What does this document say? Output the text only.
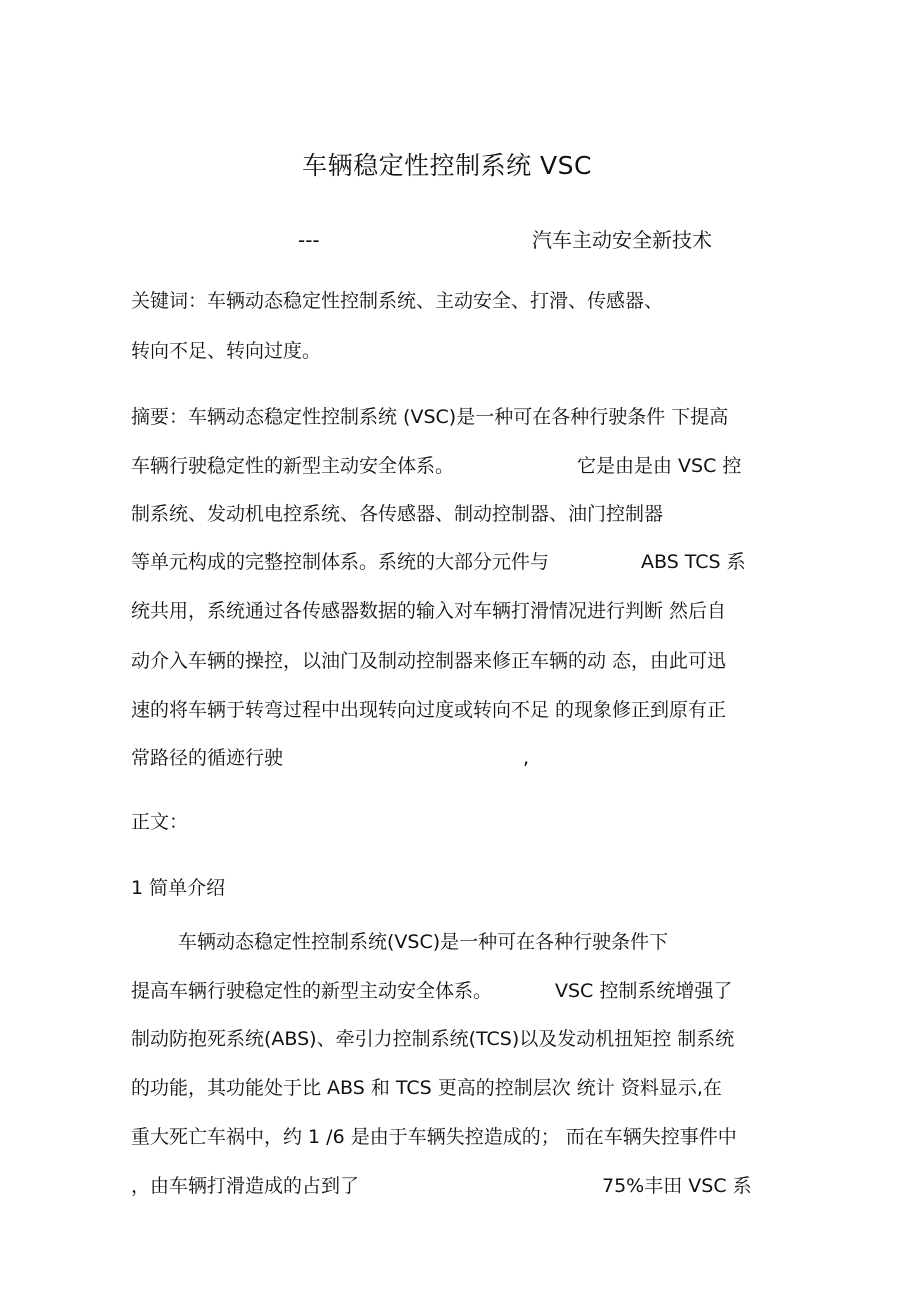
车辆稳定性控制系统 VSC
---	汽车主动安全新技术
关键词：车辆动态稳定性控制系统、主动安全、打滑、传感器、
转向不足、转向过度。
摘要：车辆动态稳定性控制系统 (VSC)是一种可在各种行驶条件 下提高
车辆行驶稳定性的新型主动安全体系。	它是由是由 VSC 控
制系统、发动机电控系统、各传感器、制动控制器、油门控制器
等单元构成的完整控制体系。系统的大部分元件与	ABS TCS 系
统共用，系统通过各传感器数据的输入对车辆打滑情况进行判断 然后自
动介入车辆的操控，以油门及制动控制器来修正车辆的动 态，由此可迅
速的将车辆于转弯过程中出现转向过度或转向不足 的现象修正到原有正
常路径的循迹行驶	,
正文：
1 简单介绍
车辆动态稳定性控制系统(VSC)是一种可在各种行驶条件下
提高车辆行驶稳定性的新型主动安全体系。	VSC 控制系统增强了
制动防抱死系统(ABS)、牵引力控制系统(TCS)以及发动机扭矩控 制系统
的功能，其功能处于比 ABS 和 TCS 更高的控制层次 统计 资料显示,在
重大死亡车祸中，约 1 /6 是由于车辆失控造成的； 而在车辆失控事件中
，由车辆打滑造成的占到了	75%丰田 VSC 系
